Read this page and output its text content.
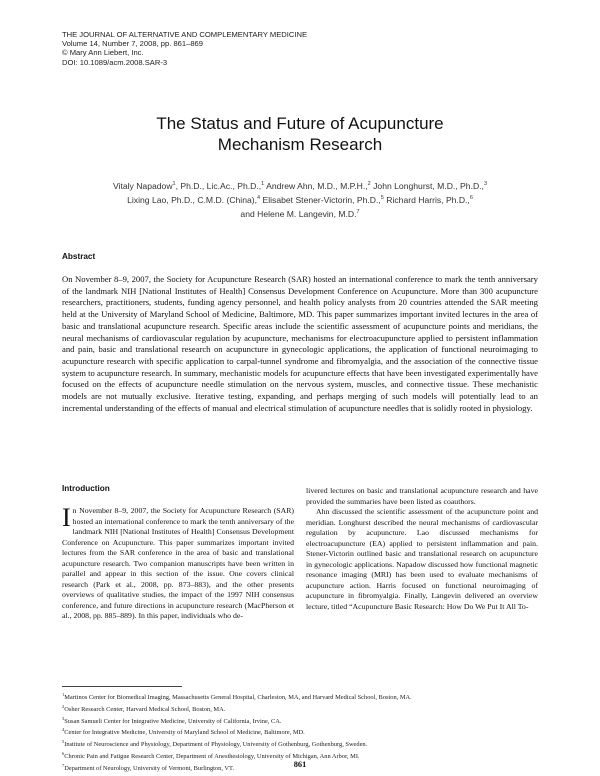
THE JOURNAL OF ALTERNATIVE AND COMPLEMENTARY MEDICINE
Volume 14, Number 7, 2008, pp. 861–869
© Mary Ann Liebert, Inc.
DOI: 10.1089/acm.2008.SAR-3
The Status and Future of Acupuncture
Mechanism Research
Vitaly Napadow$^1$, Ph.D., Lic.Ac., Ph.D.,$^1$ Andrew Ahn, M.D., M.P.H.,$^2$ John Longhurst, M.D., Ph.D.,$^3$
Lixing Lao, Ph.D., C.M.D. (China),$^4$ Elisabet Stener-Victorin, Ph.D.,$^5$ Richard Harris, Ph.D.,$^6$
and Helene M. Langevin, M.D.$^7$
Abstract
On November 8–9, 2007, the Society for Acupuncture Research (SAR) hosted an international conference to mark the tenth anniversary of the landmark NIH [National Institutes of Health] Consensus Development Conference on Acupuncture. More than 300 acupuncture researchers, practitioners, students, funding agency personnel, and health policy analysts from 20 countries attended the SAR meeting held at the University of Maryland School of Medicine, Baltimore, MD. This paper summarizes important invited lectures in the area of basic and translational acupuncture research. Specific areas include the scientific assessment of acupuncture points and meridians, the neural mechanisms of cardiovascular regulation by acupuncture, mechanisms for electroacupuncture applied to persistent inflammation and pain, basic and translational research on acupuncture in gynecologic applications, the application of functional neuroimaging to acupuncture research with specific application to carpal-tunnel syndrome and fibromyalgia, and the association of the connective tissue system to acupuncture research. In summary, mechanistic models for acupuncture effects that have been investigated experimentally have focused on the effects of acupuncture needle stimulation on the nervous system, muscles, and connective tissue. These mechanistic models are not mutually exclusive. Iterative testing, expanding, and perhaps merging of such models will potentially lead to an incremental understanding of the effects of manual and electrical stimulation of acupuncture needles that is solidly rooted in physiology.
Introduction

In November 8–9, 2007, the Society for Acupuncture Research (SAR) hosted an international conference to mark the tenth anniversary of the landmark NIH [National Institutes of Health] Consensus Development Conference on Acupuncture. This paper summarizes important invited lectures from the SAR conference in the area of basic and translational acupuncture research. Two companion manuscripts have been written in parallel and appear in this section of the issue. One covers clinical research (Park et al., 2008, pp. 873–883), and the other presents overviews of qualitative studies, the impact of the 1997 NIH consensus conference, and future directions in acupuncture research (MacPherson et al., 2008, pp. 885–889). In this paper, individuals who de-

livered lectures on basic and translational acupuncture research and have provided the summaries have been listed as coauthors.

Ahn discussed the scientific assessment of the acupuncture point and meridian. Longhurst described the neural mechanisms of cardiovascular regulation by acupuncture. Lao discussed mechanisms for electroacupuncture (EA) applied to persistent inflammation and pain. Stener-Victorin outlined basic and translational research on acupuncture in gynecologic applications. Napadow discussed how functional magnetic resonance imaging (MRI) has been used to evaluate mechanisms of acupuncture action. Harris focused on functional neuroimaging of acupuncture in fibromyalgia. Finally, Langevin delivered an overview lecture, titled “Acupuncture Basic Research: How Do We Put It All To-

$^1$Martinos Center for Biomedical Imaging, Massachusetts General Hospital, Charleston, MA, and Harvard Medical School, Boston, MA.
$^2$Osher Research Center, Harvard Medical School, Boston, MA.
$^3$Susan Samueli Center for Integrative Medicine, University of California, Irvine, CA.
$^4$Center for Integrative Medicine, University of Maryland School of Medicine, Baltimore, MD.
$^5$Institute of Neuroscience and Physiology, Department of Physiology, University of Gothenburg, Gothenburg, Sweden.
$^6$Chronic Pain and Fatigue Research Center, Department of Anesthesiology, University of Michigan, Ann Arbor, MI.
$^7$Department of Neurology, University of Vermont, Burlington, VT.	861
